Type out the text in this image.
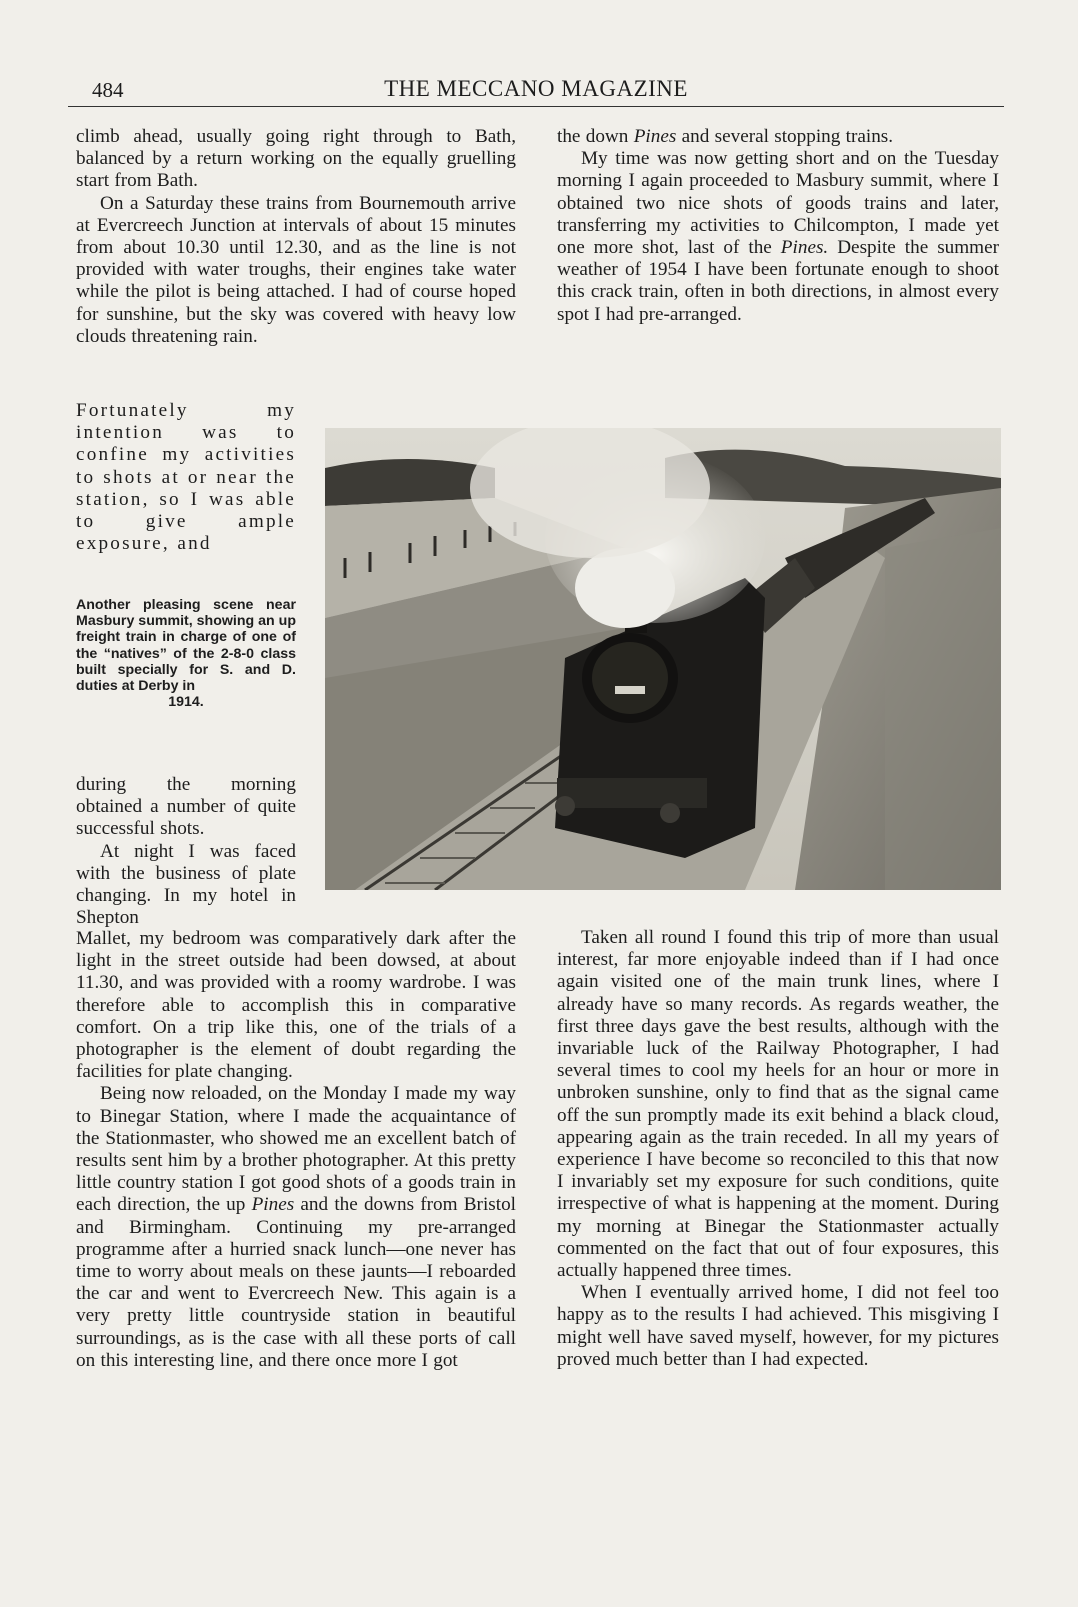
484	THE MECCANO MAGAZINE

climb ahead, usually going right through to Bath, balanced by a return working on the equally gruelling start from Bath.

On a Saturday these trains from Bournemouth arrive at Evercreech Junction at intervals of about 15 minutes from about 10.30 until 12.30, and as the line is not provided with water troughs, their engines take water while the pilot is being attached. I had of course hoped for sunshine, but the sky was covered with heavy low clouds threatening rain.

Fortunately my intention was to confine my activities to shots at or near the station, so I was able to give ample exposure, and

Another pleasing scene near Masbury summit, showing an up freight train in charge of one of the “natives” of the 2-8-0 class built specially for S. and D. duties at Derby in
1914.

during the morning obtained a number of quite successful shots.

At night I was faced with the business of plate changing. In my hotel in Shepton

Mallet, my bedroom was comparatively dark after the light in the street outside had been dowsed, at about 11.30, and was provided with a roomy wardrobe. I was therefore able to accomplish this in comparative comfort. On a trip like this, one of the trials of a photographer is the element of doubt regarding the facilities for plate changing.

Being now reloaded, on the Monday I made my way to Binegar Station, where I made the acquaintance of the Stationmaster, who showed me an excellent batch of results sent him by a brother photographer. At this pretty little country station I got good shots of a goods train in each direction, the up Pines and the downs from Bristol and Birmingham. Continuing my pre-arranged programme after a hurried snack lunch—one never has time to worry about meals on these jaunts—I reboarded the car and went to Evercreech New. This again is a very pretty little countryside station in beautiful surroundings, as is the case with all these ports of call on this interesting line, and there once more I got

the down Pines and several stopping trains.

My time was now getting short and on the Tuesday morning I again proceeded to Masbury summit, where I obtained two nice shots of goods trains and later, transferring my activities to Chilcompton, I made yet one more shot, last of the Pines. Despite the summer weather of 1954 I have been fortunate enough to shoot this crack train, often in both directions, in almost every spot I had pre-arranged.

Taken all round I found this trip of more than usual interest, far more enjoyable indeed than if I had once again visited one of the main trunk lines, where I already have so many records. As regards weather, the first three days gave the best results, although with the invariable luck of the Railway Photographer, I had several times to cool my heels for an hour or more in unbroken sunshine, only to find that as the signal came off the sun promptly made its exit behind a black cloud, appearing again as the train receded. In all my years of experience I have become so reconciled to this that now I invariably set my exposure for such conditions, quite irrespective of what is happening at the moment. During my morning at Binegar the Stationmaster actually commented on the fact that out of four exposures, this actually happened three times.

When I eventually arrived home, I did not feel too happy as to the results I had achieved. This misgiving I might well have saved myself, however, for my pictures proved much better than I had expected.
